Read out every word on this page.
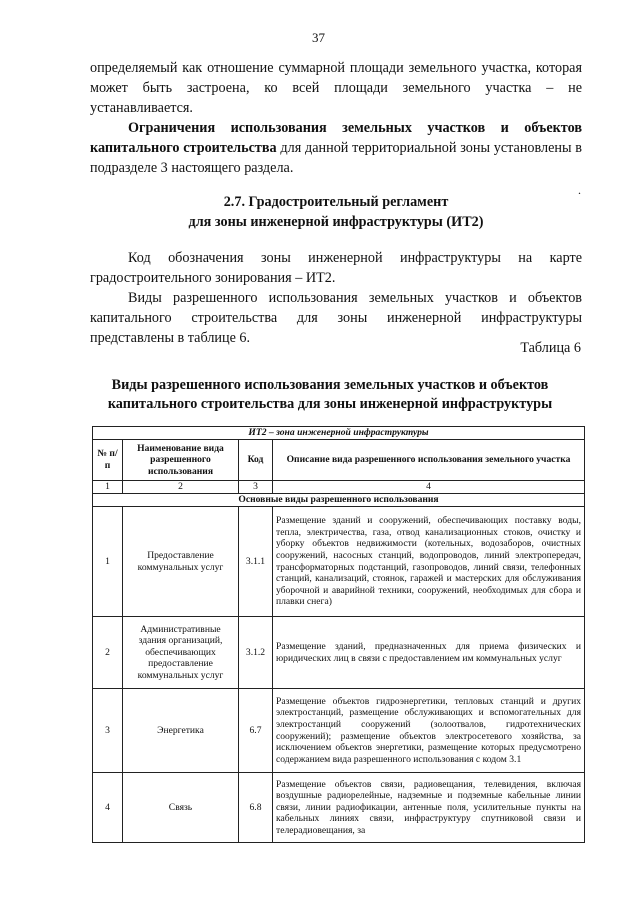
37

определяемый как отношение суммарной площади земельного участка, которая может быть застроена, ко всей площади земельного участка – не устанавливается.

Ограничения использования земельных участков и объектов капитального строительства для данной территориальной зоны установлены в подразделе 3 настоящего раздела.

.

2.7. Градостроительный регламент

для зоны инженерной инфраструктуры (ИТ2)

Код обозначения зоны инженерной инфраструктуры на карте градостроительного зонирования – ИТ2.

Виды разрешенного использования земельных участков и объектов капитального строительства для зоны инженерной инфраструктуры представлены в таблице 6.

Таблица 6

Виды разрешенного использования земельных участков и объектов капитального строительства для зоны инженерной инфраструктуры

ИТ2 – зона инженерной инфраструктуры			
№ п/п	Наименование вида разрешенного использования	Код	Описание вида разрешенного использования земельного участка
1	2	3	4
Основные виды разрешенного использования			
1	Предоставление коммунальных услуг	3.1.1	Размещение зданий и сооружений, обеспечивающих поставку воды, тепла, электричества, газа, отвод канализационных стоков, очистку и уборку объектов недвижимости (котельных, водозаборов, очистных сооружений, насосных станций, водопроводов, линий электропередач, трансформаторных подстанций, газопроводов, линий связи, телефонных станций, канализаций, стоянок, гаражей и мастерских для обслуживания уборочной и аварийной техники, сооружений, необходимых для сбора и плавки снега)
2	Административные здания организаций, обеспечивающих предоставление коммунальных услуг	3.1.2	Размещение зданий, предназначенных для приема физических и юридических лиц в связи с предоставлением им коммунальных услуг
3	Энергетика	6.7	Размещение объектов гидроэнергетики, тепловых станций и других электростанций, размещение обслуживающих и вспомогательных для электростанций сооружений (золоотвалов, гидротехнических сооружений); размещение объектов электросетевого хозяйства, за исключением объектов энергетики, размещение которых предусмотрено содержанием вида разрешенного использования с кодом 3.1
4	Связь	6.8	Размещение объектов связи, радиовещания, телевидения, включая воздушные радиорелейные, надземные и подземные кабельные линии связи, линии радиофикации, антенные поля, усилительные пункты на кабельных линиях связи, инфраструктуру спутниковой связи и телерадиовещания, за
